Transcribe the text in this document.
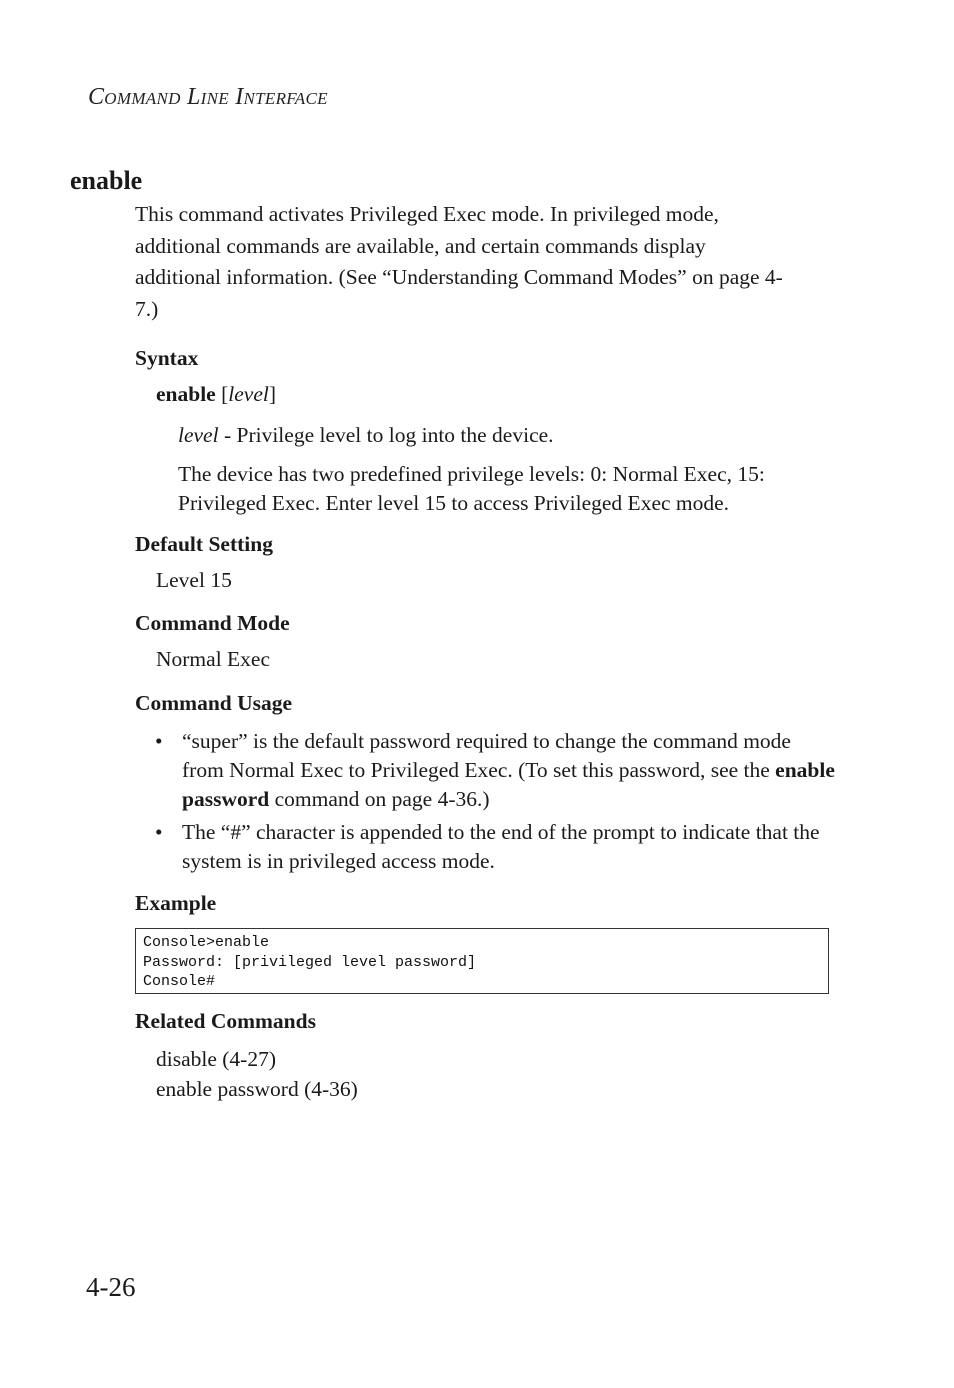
Command Line Interface
enable

This command activates Privileged Exec mode. In privileged mode, additional commands are available, and certain commands display additional information. (See “Understanding Command Modes” on page 4-7.)

Syntax
enable [level]
level - Privilege level to log into the device.

The device has two predefined privilege levels: 0: Normal Exec, 15: Privileged Exec. Enter level 15 to access Privileged Exec mode.

Default Setting
Level 15
Command Mode
Normal Exec
Command Usage
• “super” is the default password required to change the command mode from Normal Exec to Privileged Exec. (To set this password, see the enable password command on page 4-36.)
• The “#” character is appended to the end of the prompt to indicate that the system is in privileged access mode.
Example
Console>enable
Password: [privileged level password]
Console#
Related Commands
disable (4-27)
enable password (4-36)
4-26
